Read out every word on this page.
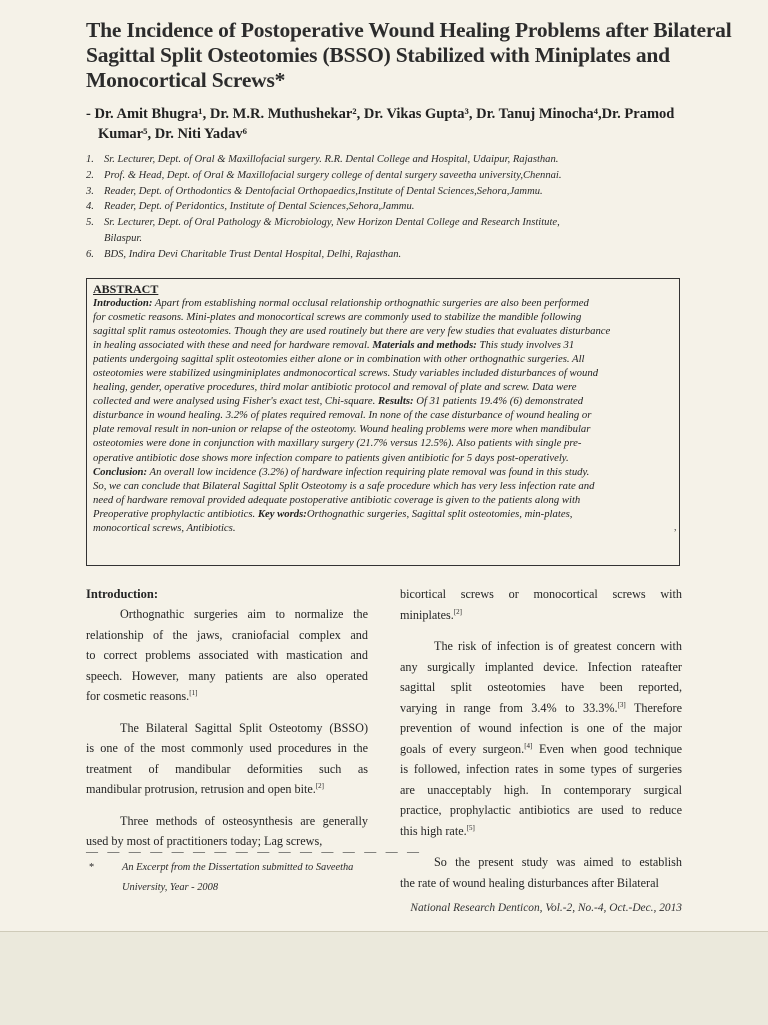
The Incidence of Postoperative Wound Healing Problems after Bilateral
Sagittal Split Osteotomies (BSSO) Stabilized with Miniplates and
Monocortical Screws*
- Dr. Amit Bhugra¹, Dr. M.R. Muthushekar², Dr. Vikas Gupta³, Dr. Tanuj Minocha⁴,Dr. Pramod
Kumar⁵, Dr. Niti Yadav⁶
1. Sr. Lecturer, Dept. of Oral & Maxillofacial surgery. R.R. Dental College and Hospital, Udaipur, Rajasthan.
2. Prof. & Head, Dept. of Oral & Maxillofacial surgery college of dental surgery saveetha university,Chennai.
3. Reader, Dept. of Orthodontics & Dentofacial Orthopaedics,Institute of Dental Sciences,Sehora,Jammu.
4. Reader, Dept. of Peridontics, Institute of Dental Sciences,Sehora,Jammu.
5. Sr. Lecturer, Dept. of Oral Pathology & Microbiology, New Horizon Dental College and Research Institute,
Bilaspur.
6. BDS, Indira Devi Charitable Trust Dental Hospital, Delhi, Rajasthan.
ABSTRACT
Introduction: Apart from establishing normal occlusal relationship orthognathic surgeries are also been performed
for cosmetic reasons. Mini-plates and monocortical screws are commonly used to stabilize the mandible following
sagittal split ramus osteotomies. Though they are used routinely but there are very few studies that evaluates disturbance
in healing associated with these and need for hardware removal. Materials and methods: This study involves 31
patients undergoing sagittal split osteotomies either alone or in combination with other orthognathic surgeries. All
osteotomies were stabilized usingminiplates andmonocortical screws. Study variables included disturbances of wound
healing, gender, operative procedures, third molar antibiotic protocol and removal of plate and screw. Data were
collected and were analysed using Fisher's exact test, Chi-square. Results: Of 31 patients 19.4% (6) demonstrated
disturbance in wound healing. 3.2% of plates required removal. In none of the case disturbance of wound healing or
plate removal result in non-union or relapse of the osteotomy. Wound healing problems were more when mandibular
osteotomies were done in conjunction with maxillary surgery (21.7% versus 12.5%). Also patients with single pre-
operative antibiotic dose shows more infection compare to patients given antibiotic for 5 days post-operatively.
Conclusion: An overall low incidence (3.2%) of hardware infection requiring plate removal was found in this study.
So, we can conclude that Bilateral Sagittal Split Osteotomy is a safe procedure which has very less infection rate and
need of hardware removal provided adequate postoperative antibiotic coverage is given to the patients along with
Preoperative prophylactic antibiotics. Key words:Orthognathic surgeries, Sagittal split osteotomies, min-plates,
monocortical screws, Antibiotics.	,
Introduction:
Orthognathic surgeries aim to normalize the
relationship of the jaws, craniofacial complex and
to correct problems associated with mastication and
speech. However, many patients are also operated
for cosmetic reasons.[1]
The Bilateral Sagittal Split Osteotomy (BSSO)
is one of the most commonly used procedures in the
treatment of mandibular deformities such as
mandibular protrusion, retrusion and open bite.[2]
Three methods of osteosynthesis are generally
used by most of practitioners today; Lag screws,
bicortical screws or monocortical screws with
miniplates.[2]
The risk of infection is of greatest concern with
any surgically implanted device. Infection rateafter
sagittal split osteotomies have been reported,
varying in range from 3.4% to 33.3%.[3] Therefore
prevention of wound infection is one of the major
goals of every surgeon.[4] Even when good technique
is followed, infection rates in some types of surgeries
are unacceptably high. In contemporary surgical
practice, prophylactic antibiotics are used to reduce
this high rate.[5]
So the present study was aimed to establish
the rate of wound healing disturbances after Bilateral
— — — — — — — — — — — — — — — —
*	An Excerpt from the Dissertation submitted to Saveetha
University, Year - 2008
National Research Denticon, Vol.-2, No.-4, Oct.-Dec., 2013
